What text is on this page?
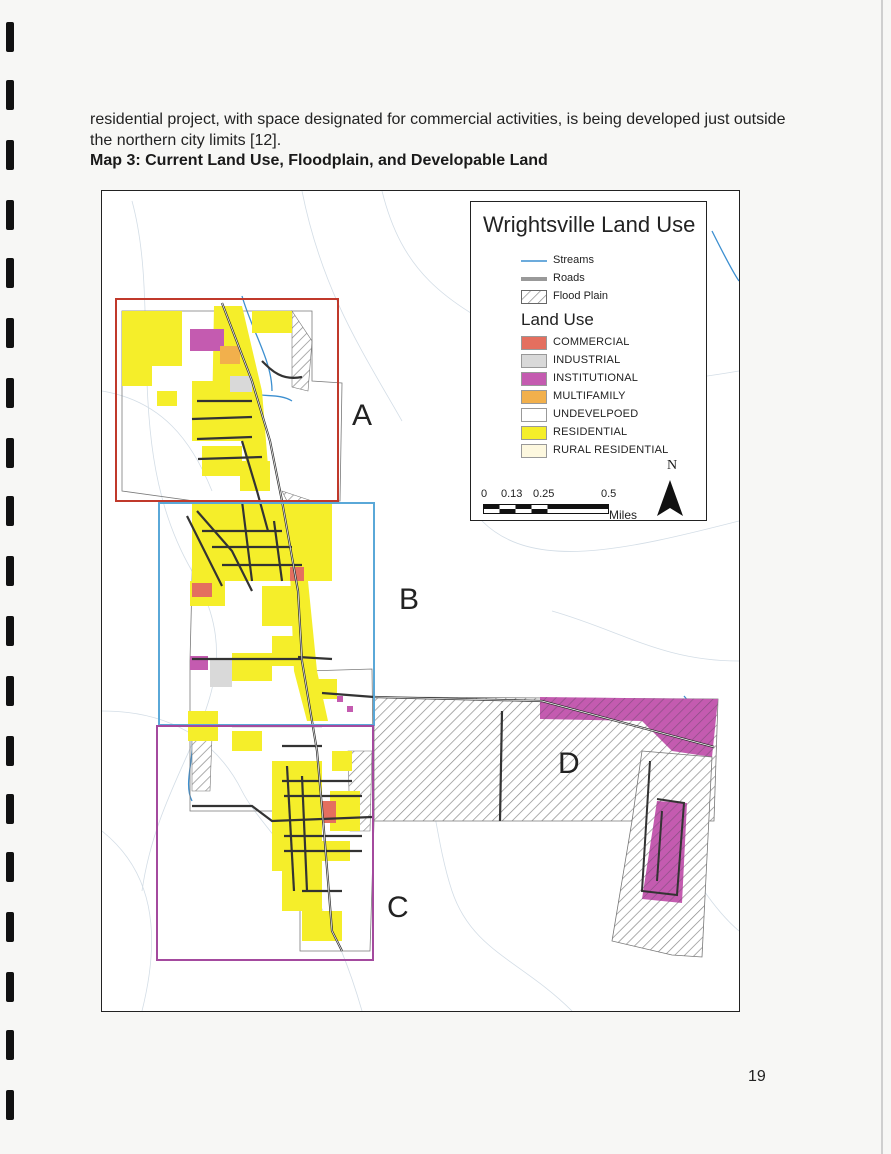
residential project, with space designated for commercial activities, is being developed just outside the northern city limits [12].
Map 3: Current Land Use, Floodplain, and Developable Land
A
B
C
D
Wrightsville Land Use
Streams
Roads
Flood Plain
Land Use
COMMERCIAL
INDUSTRIAL
INSTITUTIONAL
MULTIFAMILY
UNDEVELPOED
RESIDENTIAL
RURAL RESIDENTIAL
N
0 0.13 0.25	0.5
Miles
19
